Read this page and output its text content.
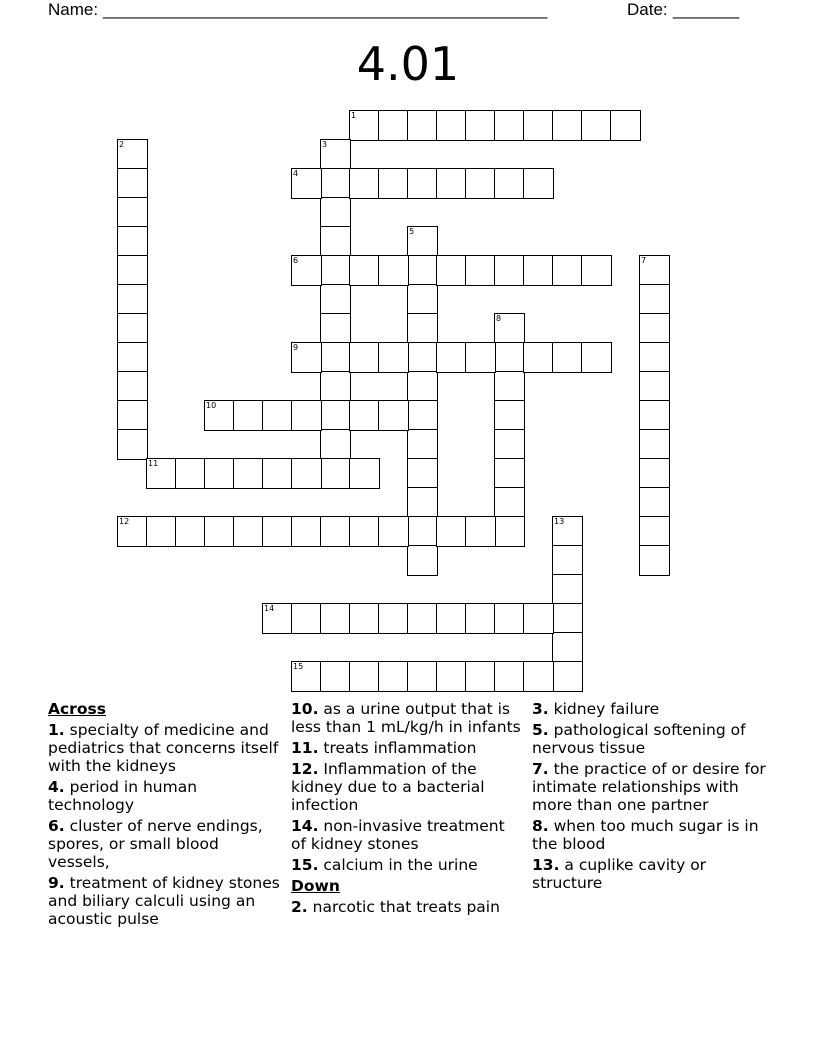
Name: _______________________________________________	Date: _______
4.01
1
2	3
4
5
6	7
8
9
10
11
12	13
14
15
Across
1. specialty of medicine and pediatrics that concerns itself with the kidneys
4. period in human technology
6. cluster of nerve endings, spores, or small blood vessels,
9. treatment of kidney stones and biliary calculi using an acoustic pulse
10. as a urine output that is less than 1 mL/kg/h in infants
11. treats inflammation
12. Inflammation of the kidney due to a bacterial infection
14. non-invasive treatment of kidney stones
15. calcium in the urine
Down
2. narcotic that treats pain
3. kidney failure
5. pathological softening of nervous tissue
7. the practice of or desire for intimate relationships with more than one partner
8. when too much sugar is in the blood
13. a cuplike cavity or structure
